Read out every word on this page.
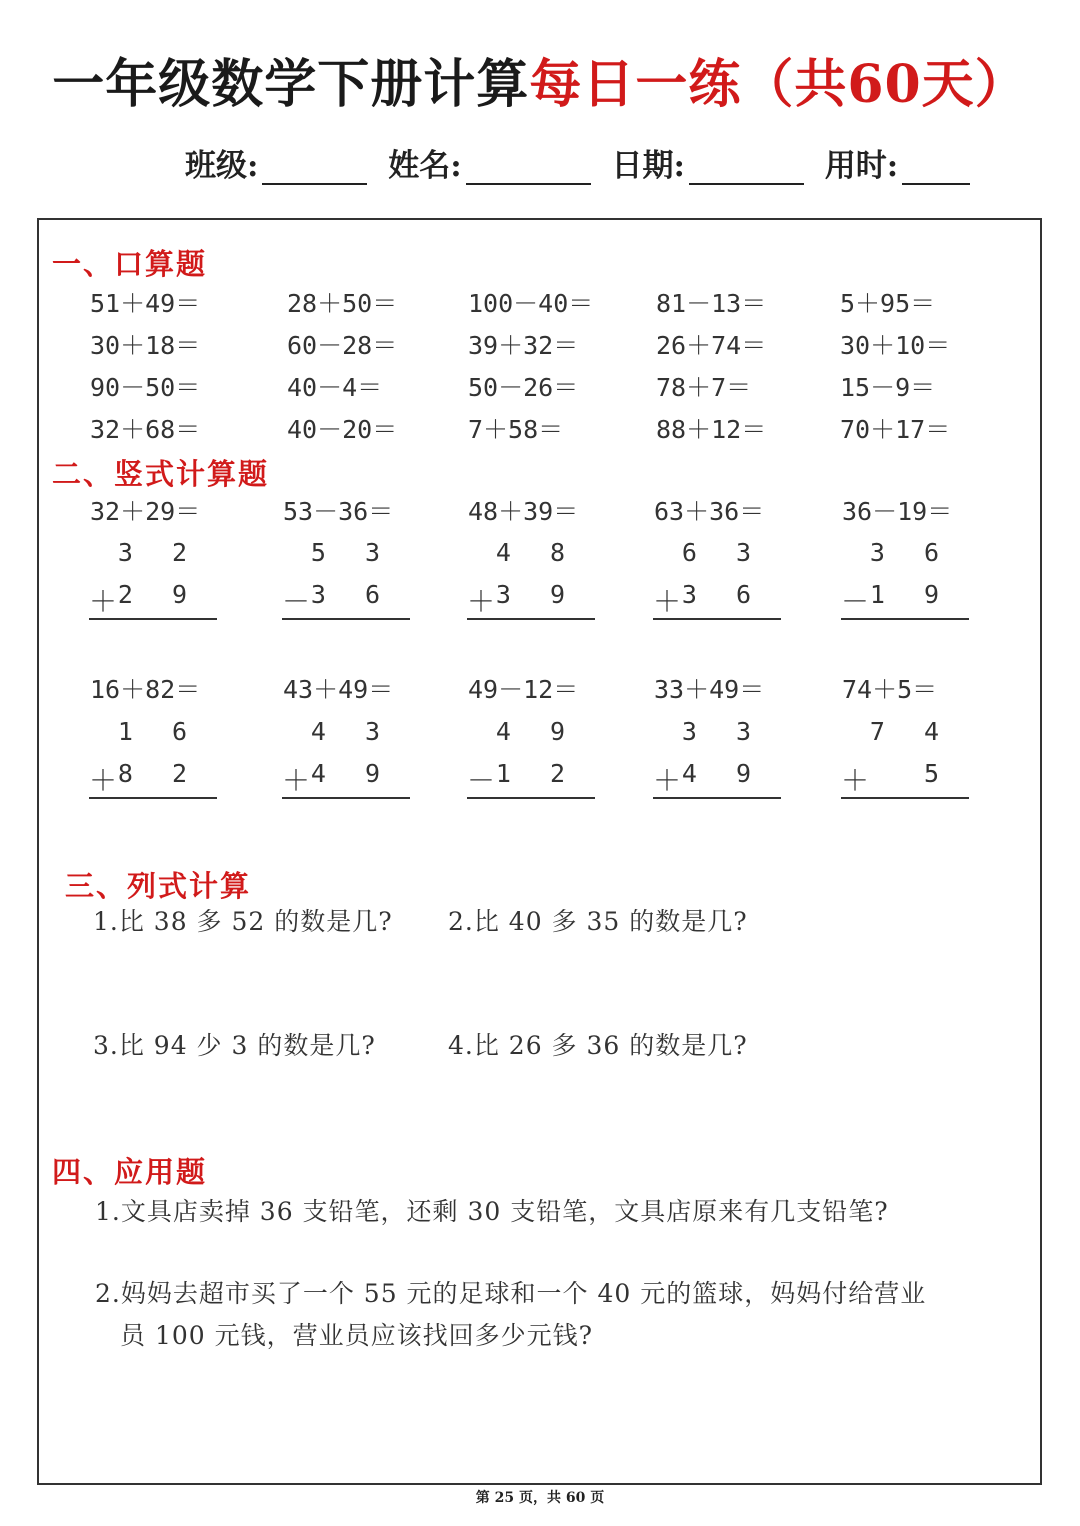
一年级数学下册计算每日一练（共60天）
班级:	姓名:	日期:	用时:
一、口算题
51＋49＝	28＋50＝	100－40＝	81－13＝	5＋95＝
30＋18＝	60－28＝	39＋32＝	26＋74＝	30＋10＝
90－50＝	40－4＝	50－26＝	78＋7＝	15－9＝
32＋68＝	40－20＝	7＋58＝	88＋12＝	70＋17＝
二、竖式计算题
32＋29＝
3 2
＋ 2 9
53－36＝
5 3
－ 3 6
48＋39＝
4 8
＋ 3 9
63＋36＝
6 3
＋ 3 6
36－19＝
3 6
－ 1 9
16＋82＝
1 6
＋ 8 2
43＋49＝
4 3
＋ 4 9
49－12＝
4 9
－ 1 2
33＋49＝
3 3
＋ 4 9
74＋5＝
7 4
＋ 5
三、列式计算
1.比 38 多 52 的数是几? 2.比 40 多 35 的数是几?
3.比 94 少 3 的数是几?	4.比 26 多 36 的数是几?
四、应用题
1.文具店卖掉 36 支铅笔，还剩 30 支铅笔，文具店原来有几支铅笔?
2.妈妈去超市买了一个 55 元的足球和一个 40 元的篮球，妈妈付给营业
员 100 元钱，营业员应该找回多少元钱?
第 25 页，共 60 页
